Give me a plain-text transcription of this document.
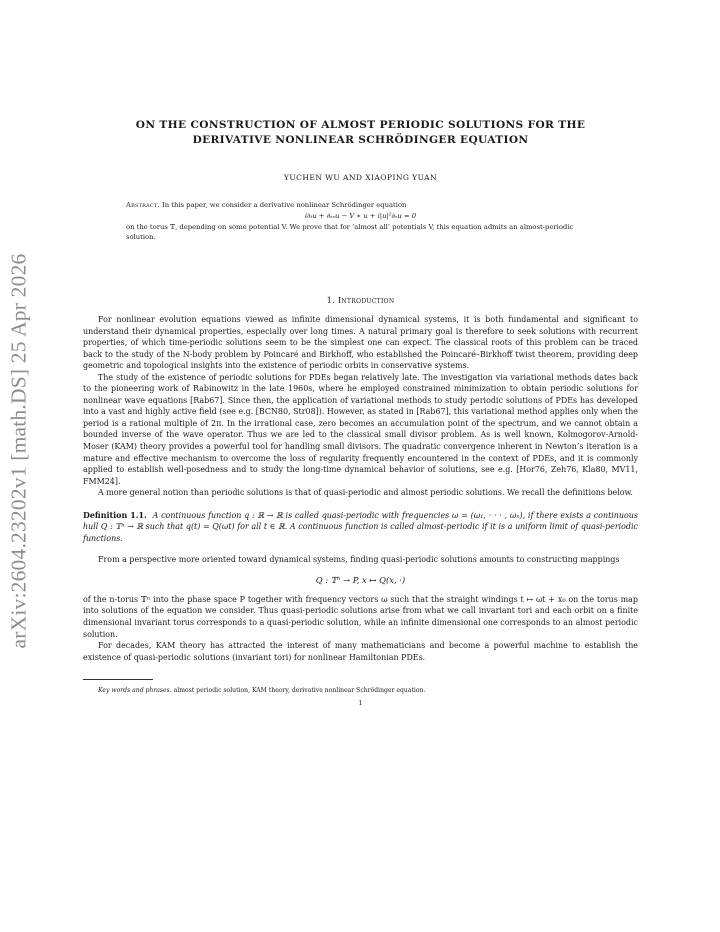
arXiv:2604.23202v1 [math.DS] 25 Apr 2026
ON THE CONSTRUCTION OF ALMOST PERIODIC SOLUTIONS FOR THE
DERIVATIVE NONLINEAR SCHRÖDINGER EQUATION
YUCHEN WU AND XIAOPING YUAN
Abstract. In this paper, we consider a derivative nonlinear Schrödinger equation
i∂ₜu + ∂ₓₓu − V ∗ u + i|u|²∂ₓu = 0
on the torus 𝕋, depending on some potential V. We prove that for ‘almost all’ potentials V, this equation admits an almost-periodic solution.
1. Introduction

For nonlinear evolution equations viewed as infinite dimensional dynamical systems, it is both fundamental and significant to understand their dynamical properties, especially over long times. A natural primary goal is therefore to seek solutions with recurrent properties, of which time-periodic solutions seem to be the simplest one can expect. The classical roots of this problem can be traced back to the study of the N-body problem by Poincaré and Birkhoff, who established the Poincaré–Birkhoff twist theorem, providing deep geometric and topological insights into the existence of periodic orbits in conservative systems.

The study of the existence of periodic solutions for PDEs began relatively late. The investigation via variational methods dates back to the pioneering work of Rabinowitz in the late 1960s, where he employed constrained minimization to obtain periodic solutions for nonlinear wave equations [Rab67]. Since then, the application of variational methods to study periodic solutions of PDEs has developed into a vast and highly active field (see e.g. [BCN80, Str08]). However, as stated in [Rab67], this variational method applies only when the period is a rational multiple of 2π. In the irrational case, zero becomes an accumulation point of the spectrum, and we cannot obtain a bounded inverse of the wave operator. Thus we are led to the classical small divisor problem. As is well known, Kolmogorov-Arnold-Moser (KAM) theory provides a powerful tool for handling small divisors. The quadratic convergence inherent in Newton’s iteration is a mature and effective mechanism to overcome the loss of regularity frequently encountered in the context of PDEs, and it is commonly applied to establish well-posedness and to study the long-time dynamical behavior of solutions, see e.g. [Hor76, Zeh76, Kla80, MV11, FMM24].

A more general notion than periodic solutions is that of quasi-periodic and almost periodic solutions. We recall the definitions below.

Definition 1.1. A continuous function q : ℝ → ℝ is called quasi-periodic with frequencies ω = (ω₁, · · · , ωₙ), if there exists a continuous hull Q : 𝕋ⁿ → ℝ such that q(t) = Q(ωt) for all t ∈ ℝ. A continuous function is called almost-periodic if it is a uniform limit of quasi-periodic functions.

From a perspective more oriented toward dynamical systems, finding quasi-periodic solutions amounts to constructing mappings

Q : 𝕋ⁿ → P, x ↦ Q(x, ·)

of the n-torus 𝕋ⁿ into the phase space P together with frequency vectors ω such that the straight windings t ↦ ωt + x₀ on the torus map into solutions of the equation we consider. Thus quasi-periodic solutions arise from what we call invariant tori and each orbit on a finite dimensional invariant torus corresponds to a quasi-periodic solution, while an infinite dimensional one corresponds to an almost periodic solution.

For decades, KAM theory has attracted the interest of many mathematicians and become a powerful machine to establish the existence of quasi-periodic solutions (invariant tori) for nonlinear Hamiltonian PDEs.

Key words and phrases. almost periodic solution, KAM theory, derivative nonlinear Schrödinger equation.
1
